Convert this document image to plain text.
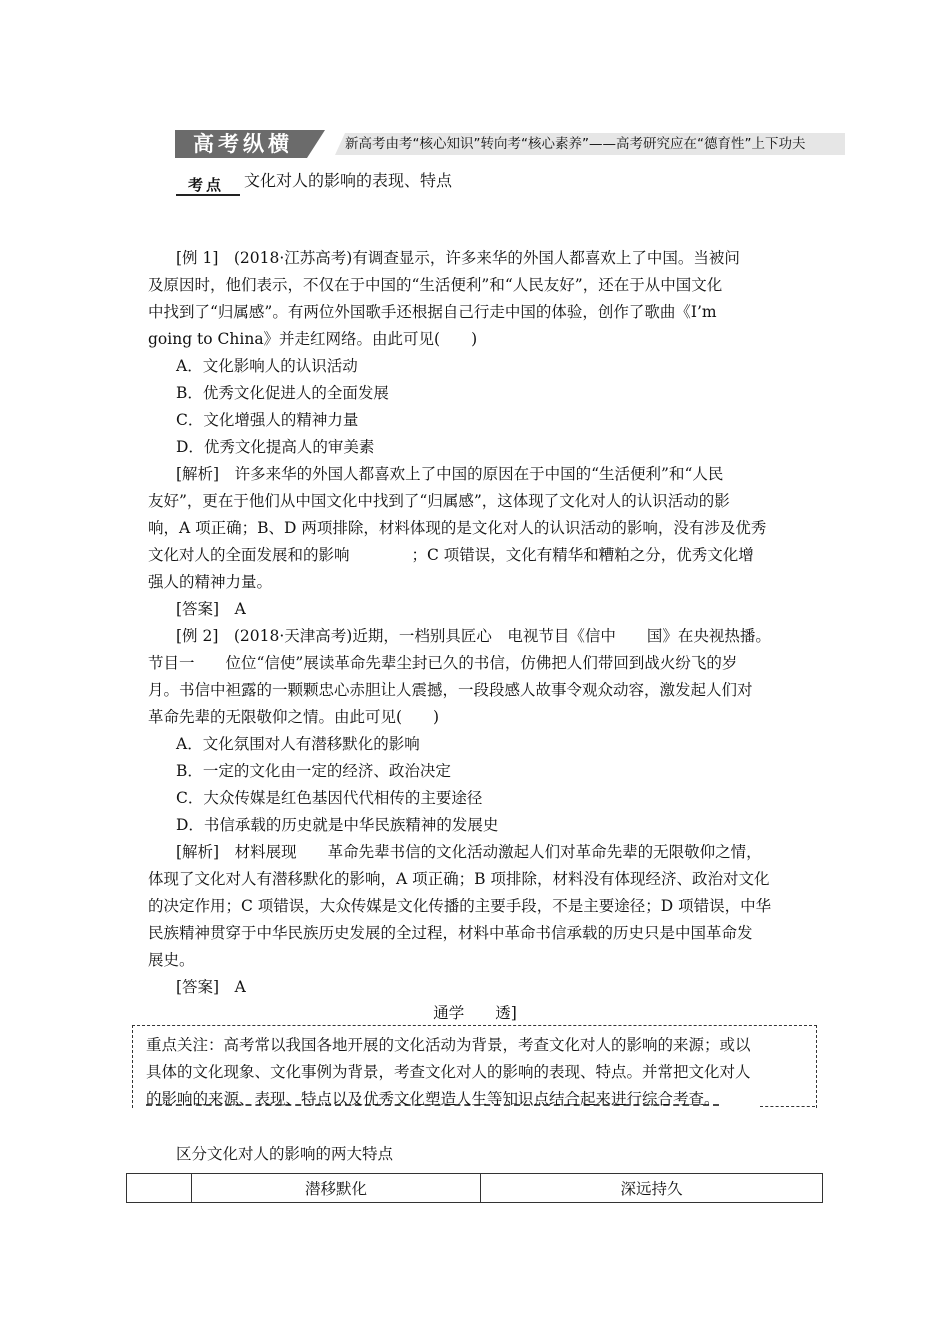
高考纵横	新高考由考“核心知识”转向考“核心素养”——高考研究应在“德育性”上下功夫
考点 文化对人的影响的表现、特点
[例 1]　(2018·江苏高考)有调查显示，许多来华的外国人都喜欢上了中国。当被问
及原因时，他们表示，不仅在于中国的“生活便利”和“人民友好”，还在于从中国文化
中找到了“归属感”。有两位外国歌手还根据自己行走中国的体验，创作了歌曲《I’m
going to China》并走红网络。由此可见(　　)
A．文化影响人的认识活动
B．优秀文化促进人的全面发展
C．文化增强人的精神力量
D．优秀文化提高人的审美素
[解析]　许多来华的外国人都喜欢上了中国的原因在于中国的“生活便利”和“人民
友好”，更在于他们从中国文化中找到了“归属感”，这体现了文化对人的认识活动的影
响，A 项正确；B、D 两项排除，材料体现的是文化对人的认识活动的影响，没有涉及优秀
文化对人的全面发展和的影响　　　　；C 项错误，文化有精华和糟粕之分，优秀文化增
强人的精神力量。
[答案]　A
[例 2]　(2018·天津高考)近期，一档别具匠心　电视节目《信中　　国》在央视热播。
节目一　　位位“信使”展读革命先辈尘封已久的书信，仿佛把人们带回到战火纷飞的岁
月。书信中袒露的一颗颗忠心赤胆让人震撼，一段段感人故事令观众动容，激发起人们对
革命先辈的无限敬仰之情。由此可见(　　)
A．文化氛围对人有潜移默化的影响
B．一定的文化由一定的经济、政治决定
C．大众传媒是红色基因代代相传的主要途径
D．书信承载的历史就是中华民族精神的发展史
[解析]　材料展现　　革命先辈书信的文化活动激起人们对革命先辈的无限敬仰之情，
体现了文化对人有潜移默化的影响，A 项正确；B 项排除，材料没有体现经济、政治对文化
的决定作用；C 项错误，大众传媒是文化传播的主要手段，不是主要途径；D 项错误，中华
民族精神贯穿于中华民族历史发展的全过程，材料中革命书信承载的历史只是中国革命发
展史。
[答案]　A
通学　　透]
重点关注：高考常以我国各地开展的文化活动为背景，考查文化对人的影响的来源；或以
具体的文化现象、文化事例为背景，考查文化对人的影响的表现、特点。并常把文化对人
的影响的来源、表现、特点以及优秀文化塑造人生等知识点结合起来进行综合考查。
区分文化对人的影响的两大特点
	潜移默化	深远持久
